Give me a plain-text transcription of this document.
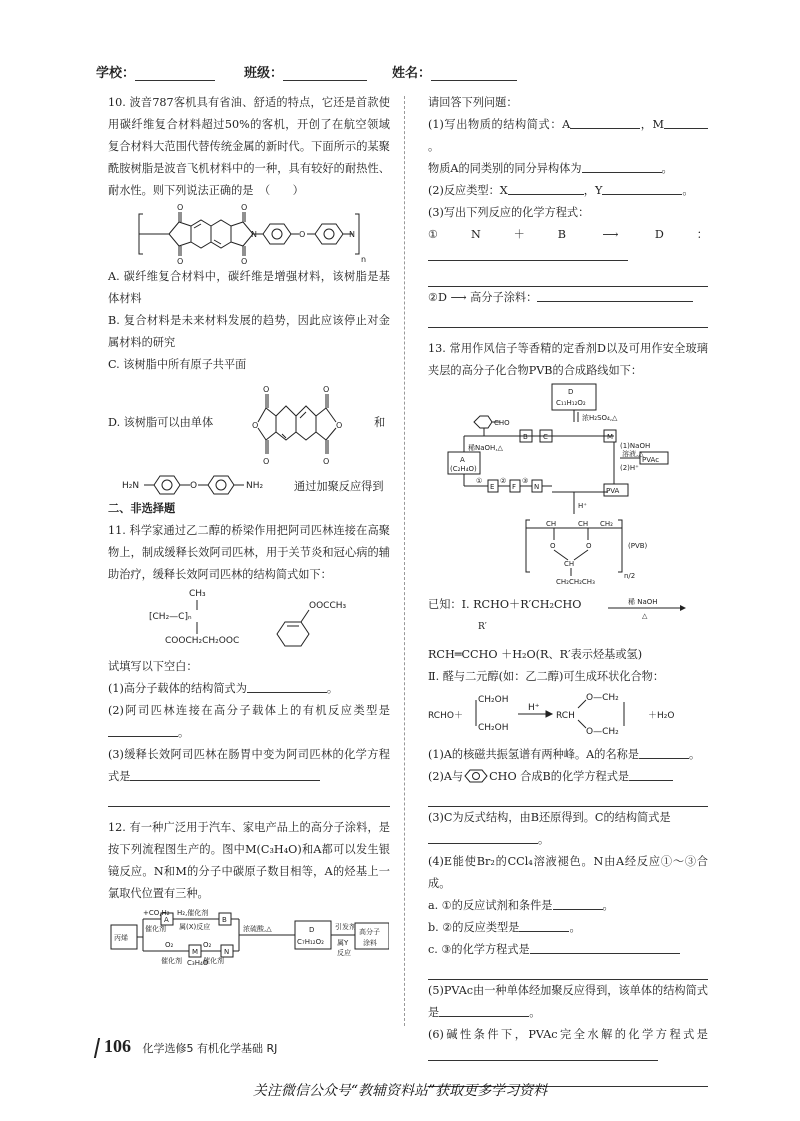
学校：	班级：	姓名：

10. 波音787客机具有省油、舒适的特点，它还是首款使用碳纤维复合材料超过50%的客机，开创了在航空领域复合材料大范围代替传统金属的新时代。下面所示的某聚酰胺树脂是波音飞机材料中的一种，具有较好的耐热性、耐水性。则下列说法正确的是　（　　）

O
O
O
O
N	O	N
n

A. 碳纤维复合材料中，碳纤维是增强材料，该树脂是基体材料

B. 复合材料是未来材料发展的趋势，因此应该停止对金属材料的研究

C. 该树脂中所有原子共平面

D. 该树脂可以由单体

O
O
O
O
O
O	和

H₂N	O	NH₂	通过加聚反应得到

二、非选择题

11. 科学家通过乙二醇的桥梁作用把阿司匹林连接在高聚物上，制成缓释长效阿司匹林，用于关节炎和冠心病的辅助治疗，缓释长效阿司匹林的结构简式如下：

CH₃
[CH₂—C]ₙ
COOCH₂CH₂OOC
OOCCH₃

试填写以下空白：

(1)高分子载体的结构简式为	。

(2)阿司匹林连接在高分子载体上的有机反应类型是。

(3)缓释长效阿司匹林在肠胃中变为阿司匹林的化学方程式是

12. 有一种广泛用于汽车、家电产品上的高分子涂料，是按下列流程图生产的。图中M(C₃H₄O)和A都可以发生银镜反应。N和M的分子中碳原子数目相等，A的烃基上一氯取代位置有三种。

丙烯
+CO,H₂
催化剂
A
H₂,催化剂
属(X)反应
B
O₂
催化剂
M
C₃H₄O
O₂
催化剂
N
浓硫酸,△	D
C₇H₁₂O₂
引发剂
属Y
反应
高分子
涂料

请回答下列问题：

(1)写出物质的结构简式：A	，M。

物质A的同类别的同分异构体为	。

(2)反应类型：X	，Y	。

(3)写出下列反应的化学方程式：

①N＋B ⟶ D：

②D ⟶ 高分子涂料：

13. 常用作风信子等香精的定香剂D以及可用作安全玻璃夹层的高分子化合物PVB的合成路线如下：

D
C₁₁H₁₂O₂
浓H₂SO₄,△
CHO
稀NaOH,△
B C	M
A
(C₂H₄O)
(1)NaOH
溶液,△
(2)H⁺
PVAc
①
E
②
F
③
N	PVA
H⁺
CH	CH CH₂
O	O
CH
CH₂CH₂CH₃
(PVB)
n/2

已知：Ⅰ. RCHO＋R′CH₂CHO	稀 NaOH
△

R′

RCH═CCHO ＋H₂O(R、R′表示烃基或氢)

Ⅱ. 醛与二元醇(如：乙二醇)可生成环状化合物：

RCHO＋
CH₂OH
CH₂OH
H⁺
RCH
O—CH₂
O—CH₂
＋H₂O

(1)A的核磁共振氢谱有两种峰。A的名称是	。

(2)A与 CHO 合成B的化学方程式是

(3)C为反式结构，由B还原得到。C的结构简式是

。

(4)E能使Br₂的CCl₄溶液褪色。N由A经反应①～③合成。

a. ①的反应试剂和条件是	。

b. ②的反应类型是	。

c. ③的化学方程式是

(5)PVAc由一种单体经加聚反应得到，该单体的结构简式是	。

(6)碱性条件下，PVAc完全水解的化学方程式是

106 化学选修5 有机化学基础 RJ
关注微信公众号“教辅资料站”获取更多学习资料
